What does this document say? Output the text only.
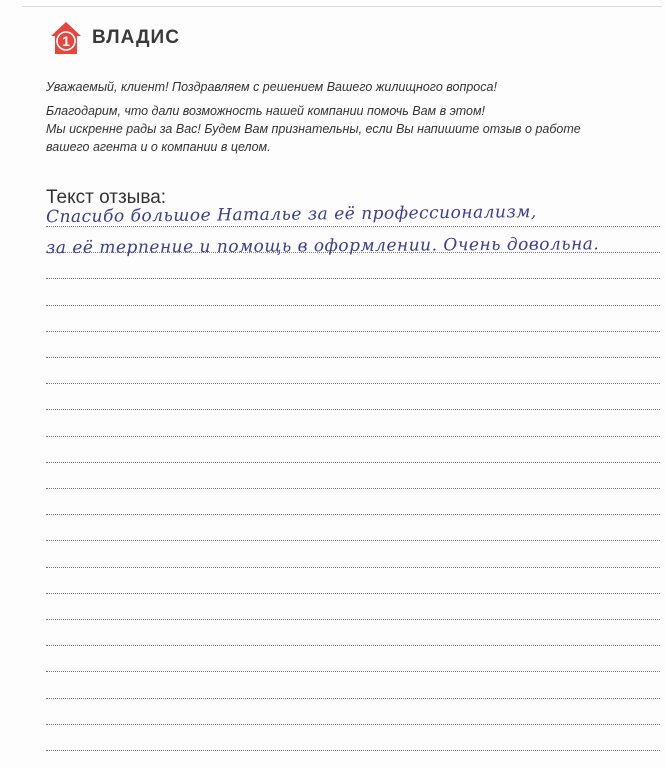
1 ВЛАДИС

Уважаемый, клиент! Поздравляем с решением Вашего жилищного вопроса!

Благодарим, что дали возможность нашей компании помочь Вам в этом!

Мы искренне рады за Вас! Будем Вам признательны, если Вы напишите отзыв о работе

вашего агента и о компании в целом.

Текст отзыва:
Спасибо большое Наталье за её профессионализм,
за её терпение и помощь в оформлении. Очень довольна.
